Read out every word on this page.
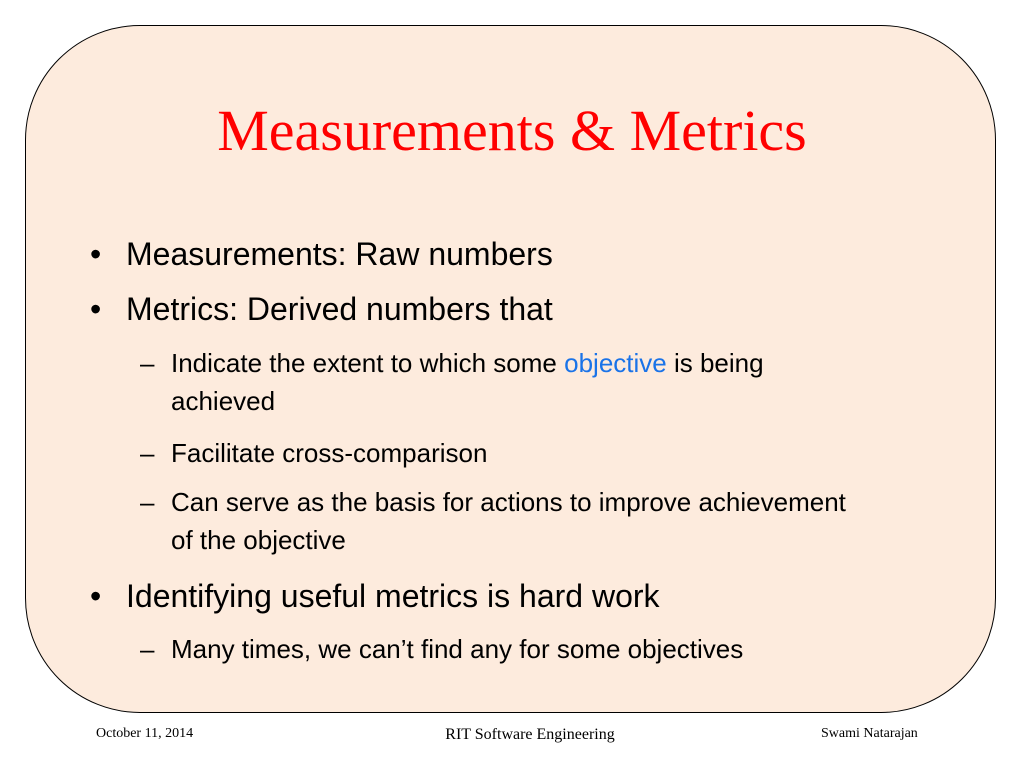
Measurements & Metrics
• Measurements: Raw numbers
• Metrics: Derived numbers that
– Indicate the extent to which some objective is being achieved
– Facilitate cross-comparison
– Can serve as the basis for actions to improve achievement of the objective
• Identifying useful metrics is hard work
– Many times, we can’t find any for some objectives
October 11, 2014	RIT Software Engineering	Swami Natarajan
